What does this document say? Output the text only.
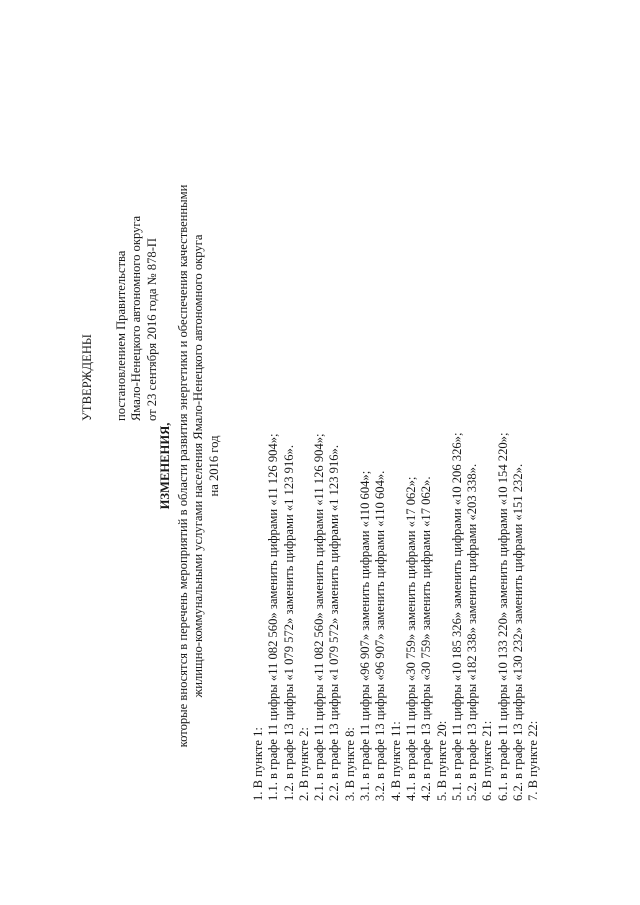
УТВЕРЖДЕНЫ постановлением Правительства Ямало-Ненецкого автономного округа от 23 сентября 2016 года № 878-П
ИЗМЕНЕНИЯ, которые вносятся в перечень мероприятий в области развития энергетики и обеспечения качественными жилищно-коммунальными услугами населения Ямало-Ненецкого автономного округа на 2016 год
1. В пункте 1: 1.1. в графе 11 цифры «11 082 560» заменить цифрами «11 126 904»; 1.2. в графе 13 цифры «1 079 572» заменить цифрами «1 123 916». 2. В пункте 2: 2.1. в графе 11 цифры «11 082 560» заменить цифрами «11 126 904»; 2.2. в графе 13 цифры «1 079 572» заменить цифрами «1 123 916». 3. В пункте 8: 3.1. в графе 11 цифры «96 907» заменить цифрами «110 604»; 3.2. в графе 13 цифры «96 907» заменить цифрами «110 604». 4. В пункте 11: 4.1. в графе 11 цифры «30 759» заменить цифрами «17 062»; 4.2. в графе 13 цифры «30 759» заменить цифрами «17 062». 5. В пункте 20: 5.1. в графе 11 цифры «10 185 326» заменить цифрами «10 206 326»; 5.2. в графе 13 цифры «182 338» заменить цифрами «203 338». 6. В пункте 21: 6.1. в графе 11 цифры «10 133 220» заменить цифрами «10 154 220»; 6.2. в графе 13 цифры «130 232» заменить цифрами «151 232». 7. В пункте 22:
